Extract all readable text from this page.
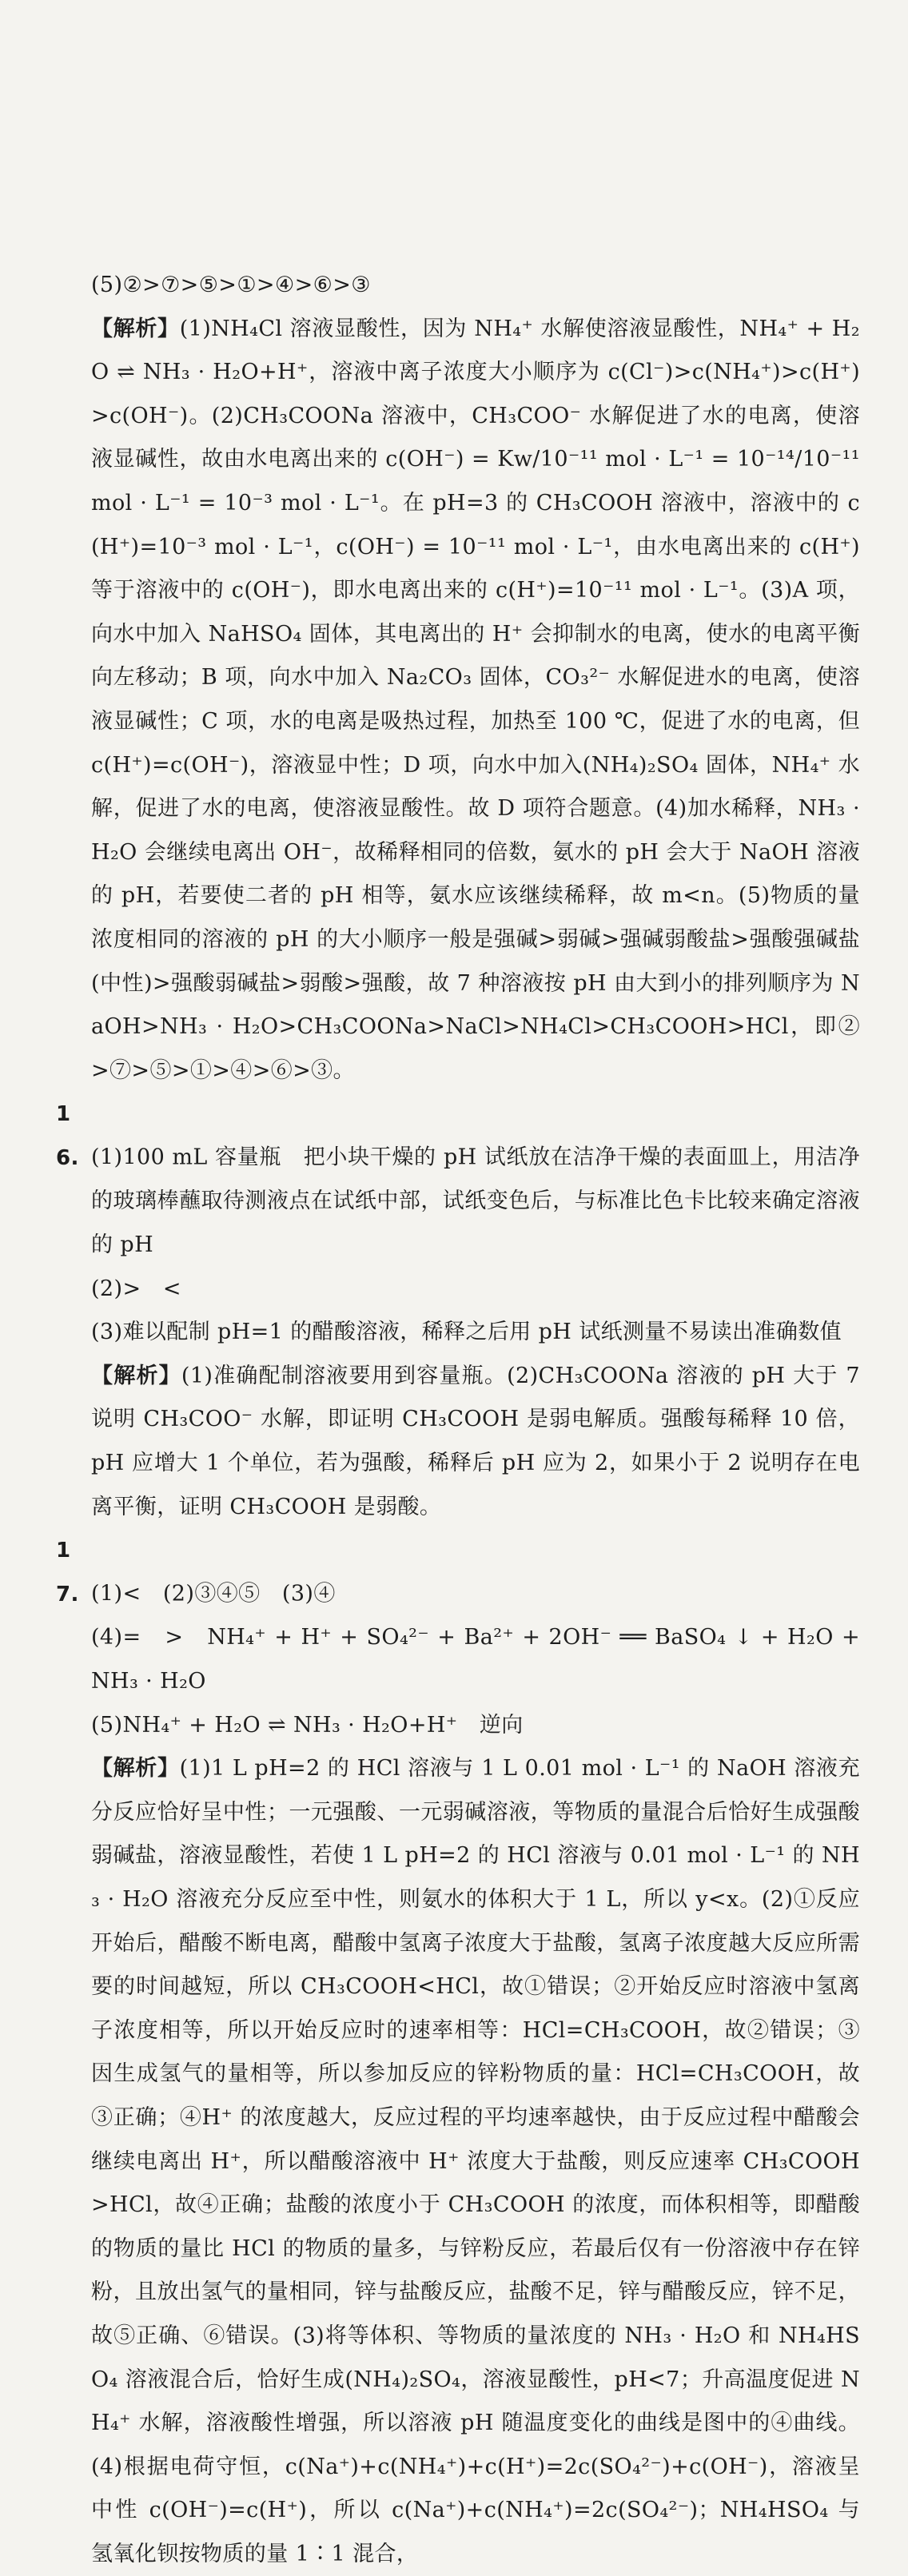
(5)②>⑦>⑤>①>④>⑥>③
【解析】(1)NH₄Cl 溶液显酸性，因为 NH₄⁺ 水解使溶液显酸性，NH₄⁺ + H₂O ⇌ NH₃ · H₂O+H⁺，溶液中离子浓度大小顺序为 c(Cl⁻)>c(NH₄⁺)>c(H⁺)>c(OH⁻)。(2)CH₃COONa 溶液中，CH₃COO⁻ 水解促进了水的电离，使溶液显碱性，故由水电离出来的 c(OH⁻) = Kw/10⁻¹¹ mol · L⁻¹ = 10⁻¹⁴/10⁻¹¹ mol · L⁻¹ = 10⁻³ mol · L⁻¹。在 pH=3 的 CH₃COOH 溶液中，溶液中的 c(H⁺)=10⁻³ mol · L⁻¹，c(OH⁻) = 10⁻¹¹ mol · L⁻¹，由水电离出来的 c(H⁺) 等于溶液中的 c(OH⁻)，即水电离出来的 c(H⁺)=10⁻¹¹ mol · L⁻¹。(3)A 项，向水中加入 NaHSO₄ 固体，其电离出的 H⁺ 会抑制水的电离，使水的电离平衡向左移动；B 项，向水中加入 Na₂CO₃ 固体，CO₃²⁻ 水解促进水的电离，使溶液显碱性；C 项，水的电离是吸热过程，加热至 100 ℃，促进了水的电离，但 c(H⁺)=c(OH⁻)，溶液显中性；D 项，向水中加入(NH₄)₂SO₄ 固体，NH₄⁺ 水解，促进了水的电离，使溶液显酸性。故 D 项符合题意。(4)加水稀释，NH₃ · H₂O 会继续电离出 OH⁻，故稀释相同的倍数，氨水的 pH 会大于 NaOH 溶液的 pH，若要使二者的 pH 相等，氨水应该继续稀释，故 m<n。(5)物质的量浓度相同的溶液的 pH 的大小顺序一般是强碱>弱碱>强碱弱酸盐>强酸强碱盐(中性)>强酸弱碱盐>弱酸>强酸，故 7 种溶液按 pH 由大到小的排列顺序为 NaOH>NH₃ · H₂O>CH₃COONa>NaCl>NH₄Cl>CH₃COOH>HCl，即②>⑦>⑤>①>④>⑥>③。
16. (1)100 mL 容量瓶　把小块干燥的 pH 试纸放在洁净干燥的表面皿上，用洁净的玻璃棒蘸取待测液点在试纸中部，试纸变色后，与标准比色卡比较来确定溶液的 pH
(2)>　<
(3)难以配制 pH=1 的醋酸溶液，稀释之后用 pH 试纸测量不易读出准确数值
【解析】(1)准确配制溶液要用到容量瓶。(2)CH₃COONa 溶液的 pH 大于 7 说明 CH₃COO⁻ 水解，即证明 CH₃COOH 是弱电解质。强酸每稀释 10 倍，pH 应增大 1 个单位，若为强酸，稀释后 pH 应为 2，如果小于 2 说明存在电离平衡，证明 CH₃COOH 是弱酸。
17. (1)<　(2)③④⑤　(3)④
(4)=　>　NH₄⁺ + H⁺ + SO₄²⁻ + Ba²⁺ + 2OH⁻ ══ BaSO₄ ↓ + H₂O + NH₃ · H₂O
(5)NH₄⁺ + H₂O ⇌ NH₃ · H₂O+H⁺　逆向
【解析】(1)1 L pH=2 的 HCl 溶液与 1 L 0.01 mol · L⁻¹ 的 NaOH 溶液充分反应恰好呈中性；一元强酸、一元弱碱溶液，等物质的量混合后恰好生成强酸弱碱盐，溶液显酸性，若使 1 L pH=2 的 HCl 溶液与 0.01 mol · L⁻¹ 的 NH₃ · H₂O 溶液充分反应至中性，则氨水的体积大于 1 L，所以 y<x。(2)①反应开始后，醋酸不断电离，醋酸中氢离子浓度大于盐酸，氢离子浓度越大反应所需要的时间越短，所以 CH₃COOH<HCl，故①错误；②开始反应时溶液中氢离子浓度相等，所以开始反应时的速率相等：HCl=CH₃COOH，故②错误；③因生成氢气的量相等，所以参加反应的锌粉物质的量：HCl=CH₃COOH，故③正确；④H⁺ 的浓度越大，反应过程的平均速率越快，由于反应过程中醋酸会继续电离出 H⁺，所以醋酸溶液中 H⁺ 浓度大于盐酸，则反应速率 CH₃COOH>HCl，故④正确；盐酸的浓度小于 CH₃COOH 的浓度，而体积相等，即醋酸的物质的量比 HCl 的物质的量多，与锌粉反应，若最后仅有一份溶液中存在锌粉，且放出氢气的量相同，锌与盐酸反应，盐酸不足，锌与醋酸反应，锌不足，故⑤正确、⑥错误。(3)将等体积、等物质的量浓度的 NH₃ · H₂O 和 NH₄HSO₄ 溶液混合后，恰好生成(NH₄)₂SO₄，溶液显酸性，pH<7；升高温度促进 NH₄⁺ 水解，溶液酸性增强，所以溶液 pH 随温度变化的曲线是图中的④曲线。(4)根据电荷守恒，c(Na⁺)+c(NH₄⁺)+c(H⁺)=2c(SO₄²⁻)+c(OH⁻)，溶液呈中性 c(OH⁻)=c(H⁺)，所以 c(Na⁺)+c(NH₄⁺)=2c(SO₄²⁻)；NH₄HSO₄ 与氢氧化钡按物质的量 1∶1 混合，
